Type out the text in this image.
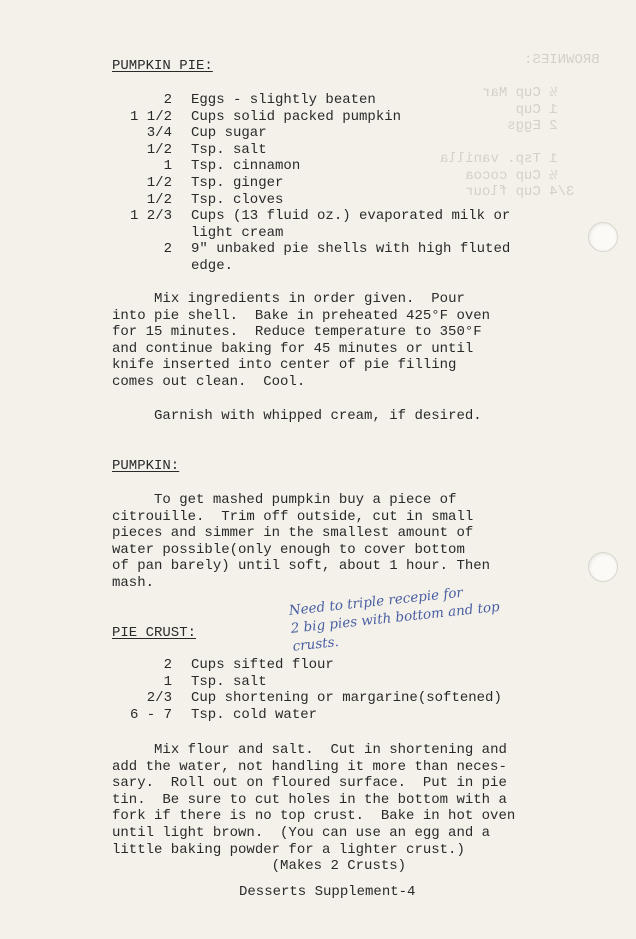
BROWNIES:

½ Cup Mar
1 Cup
2 Eggs

1 Tsp. vanilla
½ Cup cocoa
3/4 Cup flour
PUMPKIN PIE:
2	Eggs - slightly beaten
1 1/2	Cups solid packed pumpkin
3/4	Cup sugar
1/2	Tsp. salt
1	Tsp. cinnamon
1/2	Tsp. ginger
1/2	Tsp. cloves
1 2/3	Cups (13 fluid oz.) evaporated milk or light cream
2	9" unbaked pie shells with high fluted edge.

Mix ingredients in order given.  Pour
into pie shell.  Bake in preheated 425°F oven
for 15 minutes.  Reduce temperature to 350°F
and continue baking for 45 minutes or until
knife inserted into center of pie filling
comes out clean.  Cool.

Garnish with whipped cream, if desired.

PUMPKIN:

To get mashed pumpkin buy a piece of
citrouille.  Trim off outside, cut in small
pieces and simmer in the smallest amount of
water possible(only enough to cover bottom
of pan barely) until soft, about 1 hour. Then
mash.

Need to triple recepie for
2 big pies with bottom and top
crusts.
PIE CRUST:
2	Cups sifted flour
1	Tsp. salt
2/3	Cup shortening or margarine(softened)
6 - 7	Tsp. cold water

Mix flour and salt.  Cut in shortening and
add the water, not handling it more than neces-
sary.  Roll out on floured surface.  Put in pie
tin.  Be sure to cut holes in the bottom with a
fork if there is no top crust.  Bake in hot oven
until light brown.  (You can use an egg and a
little baking powder for a lighter crust.)
(Makes 2 Crusts)

Desserts Supplement-4
